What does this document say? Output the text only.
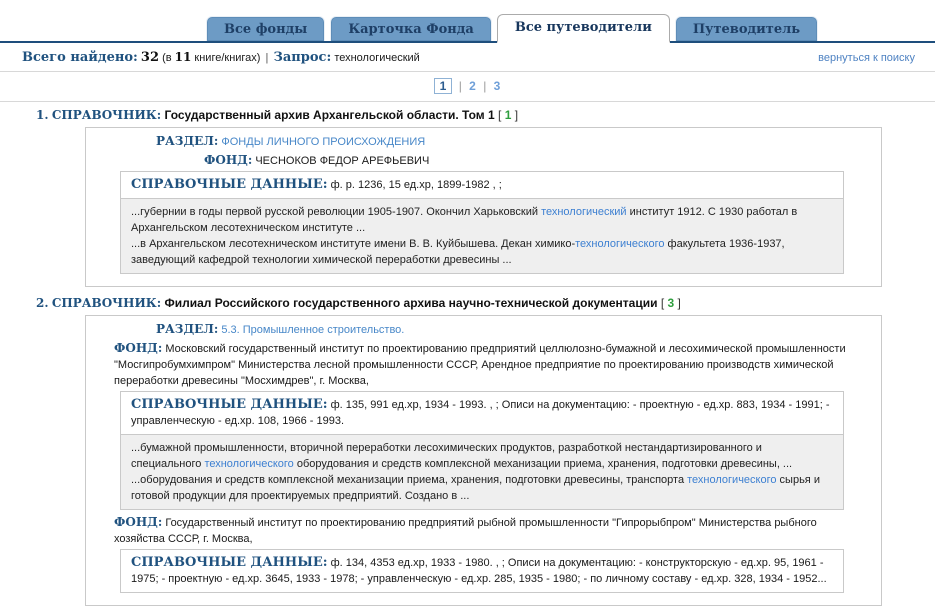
Все фонды	Карточка Фонда	Все путеводители	Путеводитель
Всего найдено: 32 (в 11 книге/книгах) | Запрос: технологический	вернуться к поиску
1 | 2 | 3
1. СПРАВОЧНИК: Государственный архив Архангельской области. Том 1 [ 1 ]
РАЗДЕЛ: ФОНДЫ ЛИЧНОГО ПРОИСХОЖДЕНИЯ
ФОНД: ЧЕСНОКОВ ФЕДОР АРЕФЬЕВИЧ
СПРАВОЧНЫЕ ДАННЫЕ: ф. р. 1236, 15 ед.хр, 1899-1982 , ;

...губернии в годы первой русской революции 1905-1907. Окончил Харьковский технологический институт 1912. С 1930 работал в Архангельском лесотехническом институте ...

...в Архангельском лесотехническом институте имени В. В. Куйбышева. Декан химико-технологического факультета 1936-1937, заведующий кафедрой технологии химической переработки древесины ...

2. СПРАВОЧНИК: Филиал Российского государственного архива научно-технической документации [ 3 ]
РАЗДЕЛ: 5.3. Промышленное строительство.
ФОНД: Московский государственный институт по проектированию предприятий целлюлозно-бумажной и лесохимической промышленности "Мосгипробумхимпром" Министерства лесной промышленности СССР, Арендное предприятие по проектированию производств химической переработки древесины "Мосхимдрев", г. Москва,
СПРАВОЧНЫЕ ДАННЫЕ: ф. 135, 991 ед.хр, 1934 - 1993. , ; Описи на документацию: - проектную - ед.хр. 883, 1934 - 1991; - управленческую - ед.хр. 108, 1966 - 1993.

...бумажной промышленности, вторичной переработки лесохимических продуктов, разработкой нестандартизированного и специального технологического оборудования и средств комплексной механизации приема, хранения, подготовки древесины, ...

...оборудования и средств комплексной механизации приема, хранения, подготовки древесины, транспорта технологического сырья и готовой продукции для проектируемых предприятий. Создано в ...

ФОНД: Государственный институт по проектированию предприятий рыбной промышленности "Гипрорыбпром" Министерства рыбного хозяйства СССР, г. Москва,
СПРАВОЧНЫЕ ДАННЫЕ: ф. 134, 4353 ед.хр, 1933 - 1980. , ; Описи на документацию: - конструкторскую - ед.хр. 95, 1961 - 1975; - проектную - ед.хр. 3645, 1933 - 1978; - управленческую - ед.хр. 285, 1935 - 1980; - по личному составу - ед.хр. 328, 1934 - 1952...
